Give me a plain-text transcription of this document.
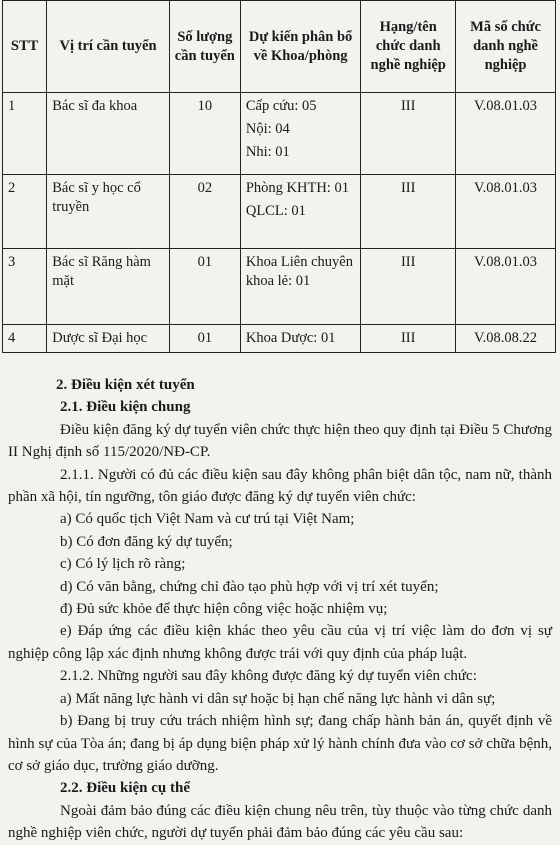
STT	Vị trí cần tuyển	Số lượng cần tuyển	Dự kiến phân bổ về Khoa/phòng	Hạng/tên chức danh nghề nghiệp	Mã số chức danh nghề nghiệp
1	Bác sĩ đa khoa	10	Cấp cứu: 05
Nội: 04
Nhi: 01	III	V.08.01.03
2	Bác sĩ y học cổ truyền	02	Phòng KHTH: 01
QLCL: 01	III	V.08.01.03
3	Bác sĩ Răng hàm mặt	01	Khoa Liên chuyên khoa lẻ: 01	III	V.08.01.03
4	Dược sĩ Đại học	01	Khoa Dược: 01	III	V.08.08.22

2. Điều kiện xét tuyển

2.1. Điều kiện chung

Điều kiện đăng ký dự tuyển viên chức thực hiện theo quy định tại Điều 5 Chương II Nghị định số 115/2020/NĐ-CP.

2.1.1. Người có đủ các điều kiện sau đây không phân biệt dân tộc, nam nữ, thành phần xã hội, tín ngưỡng, tôn giáo được đăng ký dự tuyển viên chức:

a) Có quốc tịch Việt Nam và cư trú tại Việt Nam;

b) Có đơn đăng ký dự tuyển;

c) Có lý lịch rõ ràng;

d) Có văn bằng, chứng chỉ đào tạo phù hợp với vị trí xét tuyển;

đ) Đủ sức khỏe để thực hiện công việc hoặc nhiệm vụ;

e) Đáp ứng các điều kiện khác theo yêu cầu của vị trí việc làm do đơn vị sự nghiệp công lập xác định nhưng không được trái với quy định của pháp luật.

2.1.2. Những người sau đây không được đăng ký dự tuyển viên chức:

a) Mất năng lực hành vi dân sự hoặc bị hạn chế năng lực hành vi dân sự;

b) Đang bị truy cứu trách nhiệm hình sự; đang chấp hành bản án, quyết định về hình sự của Tòa án; đang bị áp dụng biện pháp xử lý hành chính đưa vào cơ sở chữa bệnh, cơ sở giáo dục, trường giáo dưỡng.

2.2. Điều kiện cụ thể

Ngoài đảm bảo đúng các điều kiện chung nêu trên, tùy thuộc vào từng chức danh nghề nghiệp viên chức, người dự tuyển phải đảm bảo đúng các yêu cầu sau:
